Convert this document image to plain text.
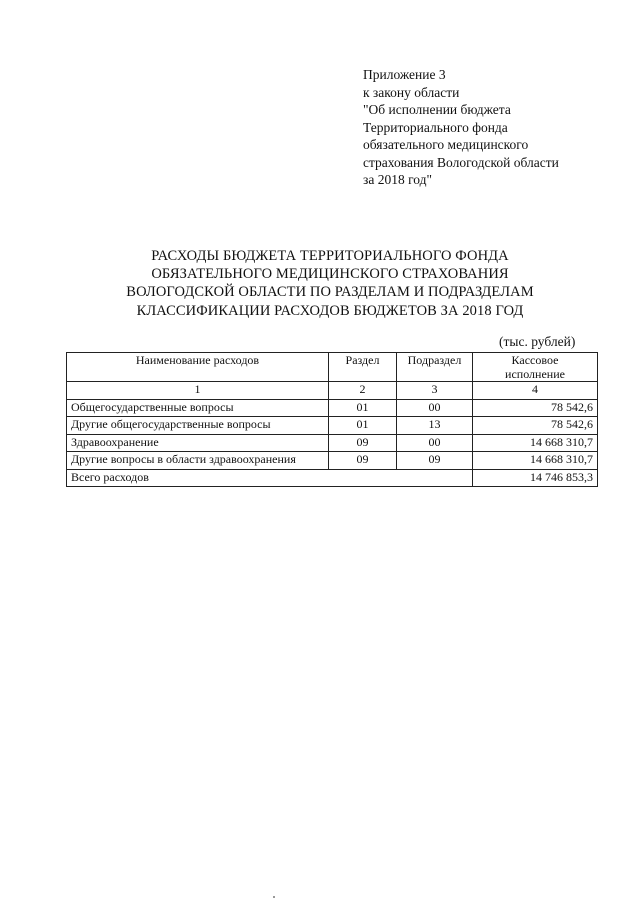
Приложение 3
к закону области
"Об исполнении бюджета
Территориального фонда
обязательного медицинского
страхования Вологодской области
за 2018 год"
РАСХОДЫ БЮДЖЕТА ТЕРРИТОРИАЛЬНОГО ФОНДА
ОБЯЗАТЕЛЬНОГО МЕДИЦИНСКОГО СТРАХОВАНИЯ
ВОЛОГОДСКОЙ ОБЛАСТИ ПО РАЗДЕЛАМ И ПОДРАЗДЕЛАМ
КЛАССИФИКАЦИИ РАСХОДОВ БЮДЖЕТОВ ЗА 2018 ГОД
(тыс. рублей)
Наименование расходов	Раздел	Подраздел	Кассовое
исполнение

1	2	3	4
Общегосударственные вопросы	01	00	78 542,6
Другие общегосударственные вопросы	01	13	78 542,6
Здравоохранение	09	00	14 668 310,7
Другие вопросы в области здравоохранения	09	09	14 668 310,7
Всего расходов			14 746 853,3
